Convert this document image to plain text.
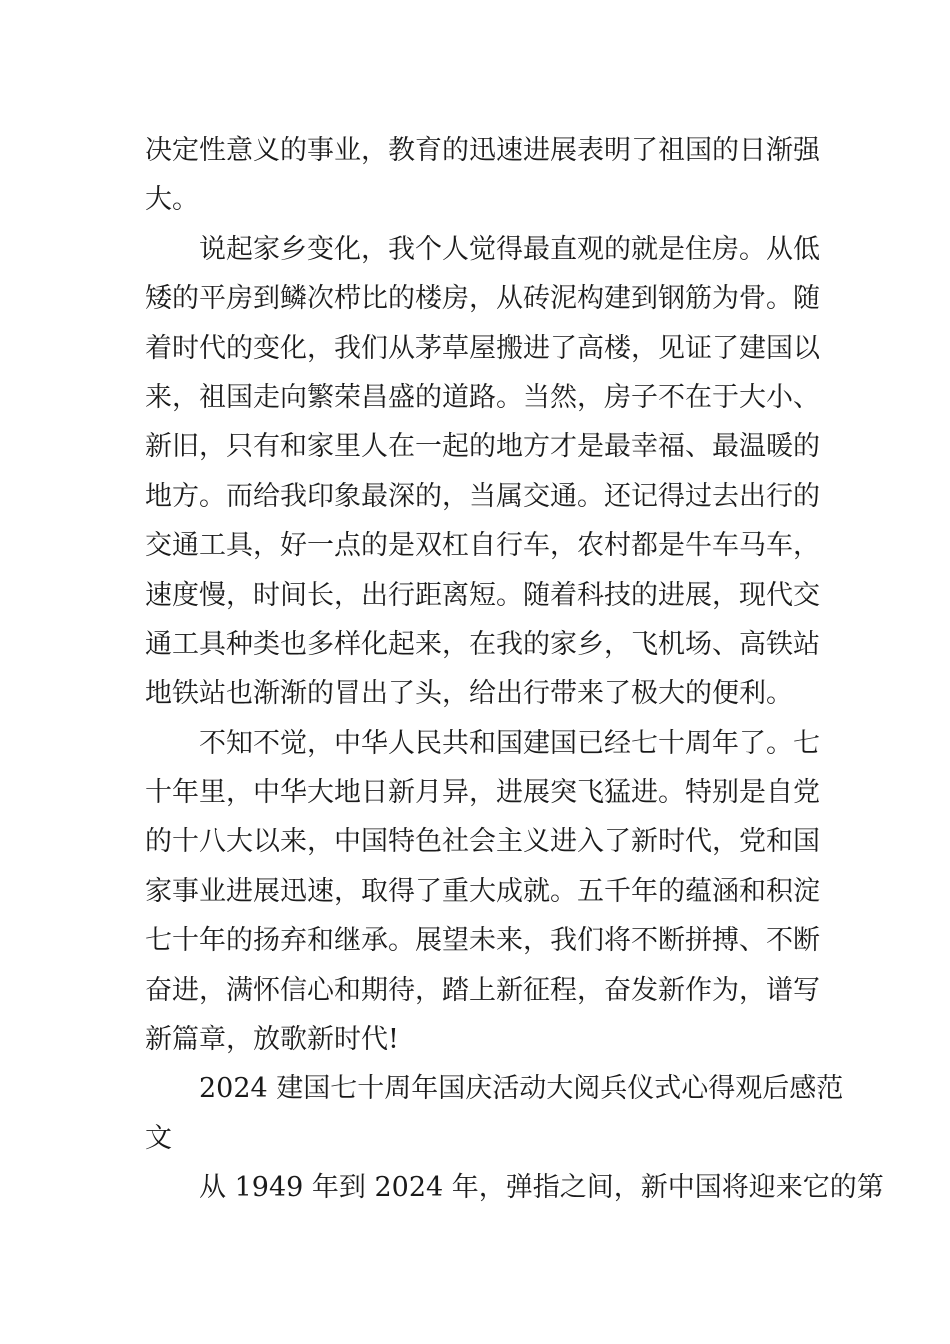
决定性意义的事业，教育的迅速进展表明了祖国的日渐强
大。
说起家乡变化，我个人觉得最直观的就是住房。从低
矮的平房到鳞次栉比的楼房，从砖泥构建到钢筋为骨。随
着时代的变化，我们从茅草屋搬进了高楼，见证了建国以
来，祖国走向繁荣昌盛的道路。当然，房子不在于大小、
新旧，只有和家里人在一起的地方才是最幸福、最温暖的
地方。而给我印象最深的，当属交通。还记得过去出行的
交通工具，好一点的是双杠自行车，农村都是牛车马车，
速度慢，时间长，出行距离短。随着科技的进展，现代交
通工具种类也多样化起来，在我的家乡，飞机场、高铁站
地铁站也渐渐的冒出了头，给出行带来了极大的便利。
不知不觉，中华人民共和国建国已经七十周年了。七
十年里，中华大地日新月异，进展突飞猛进。特别是自党
的十八大以来，中国特色社会主义进入了新时代，党和国
家事业进展迅速，取得了重大成就。五千年的蕴涵和积淀
七十年的扬弃和继承。展望未来，我们将不断拼搏、不断
奋进，满怀信心和期待，踏上新征程，奋发新作为，谱写
新篇章，放歌新时代!
2024 建国七十周年国庆活动大阅兵仪式心得观后感范
文
从 1949 年到 2024 年，弹指之间，新中国将迎来它的第
